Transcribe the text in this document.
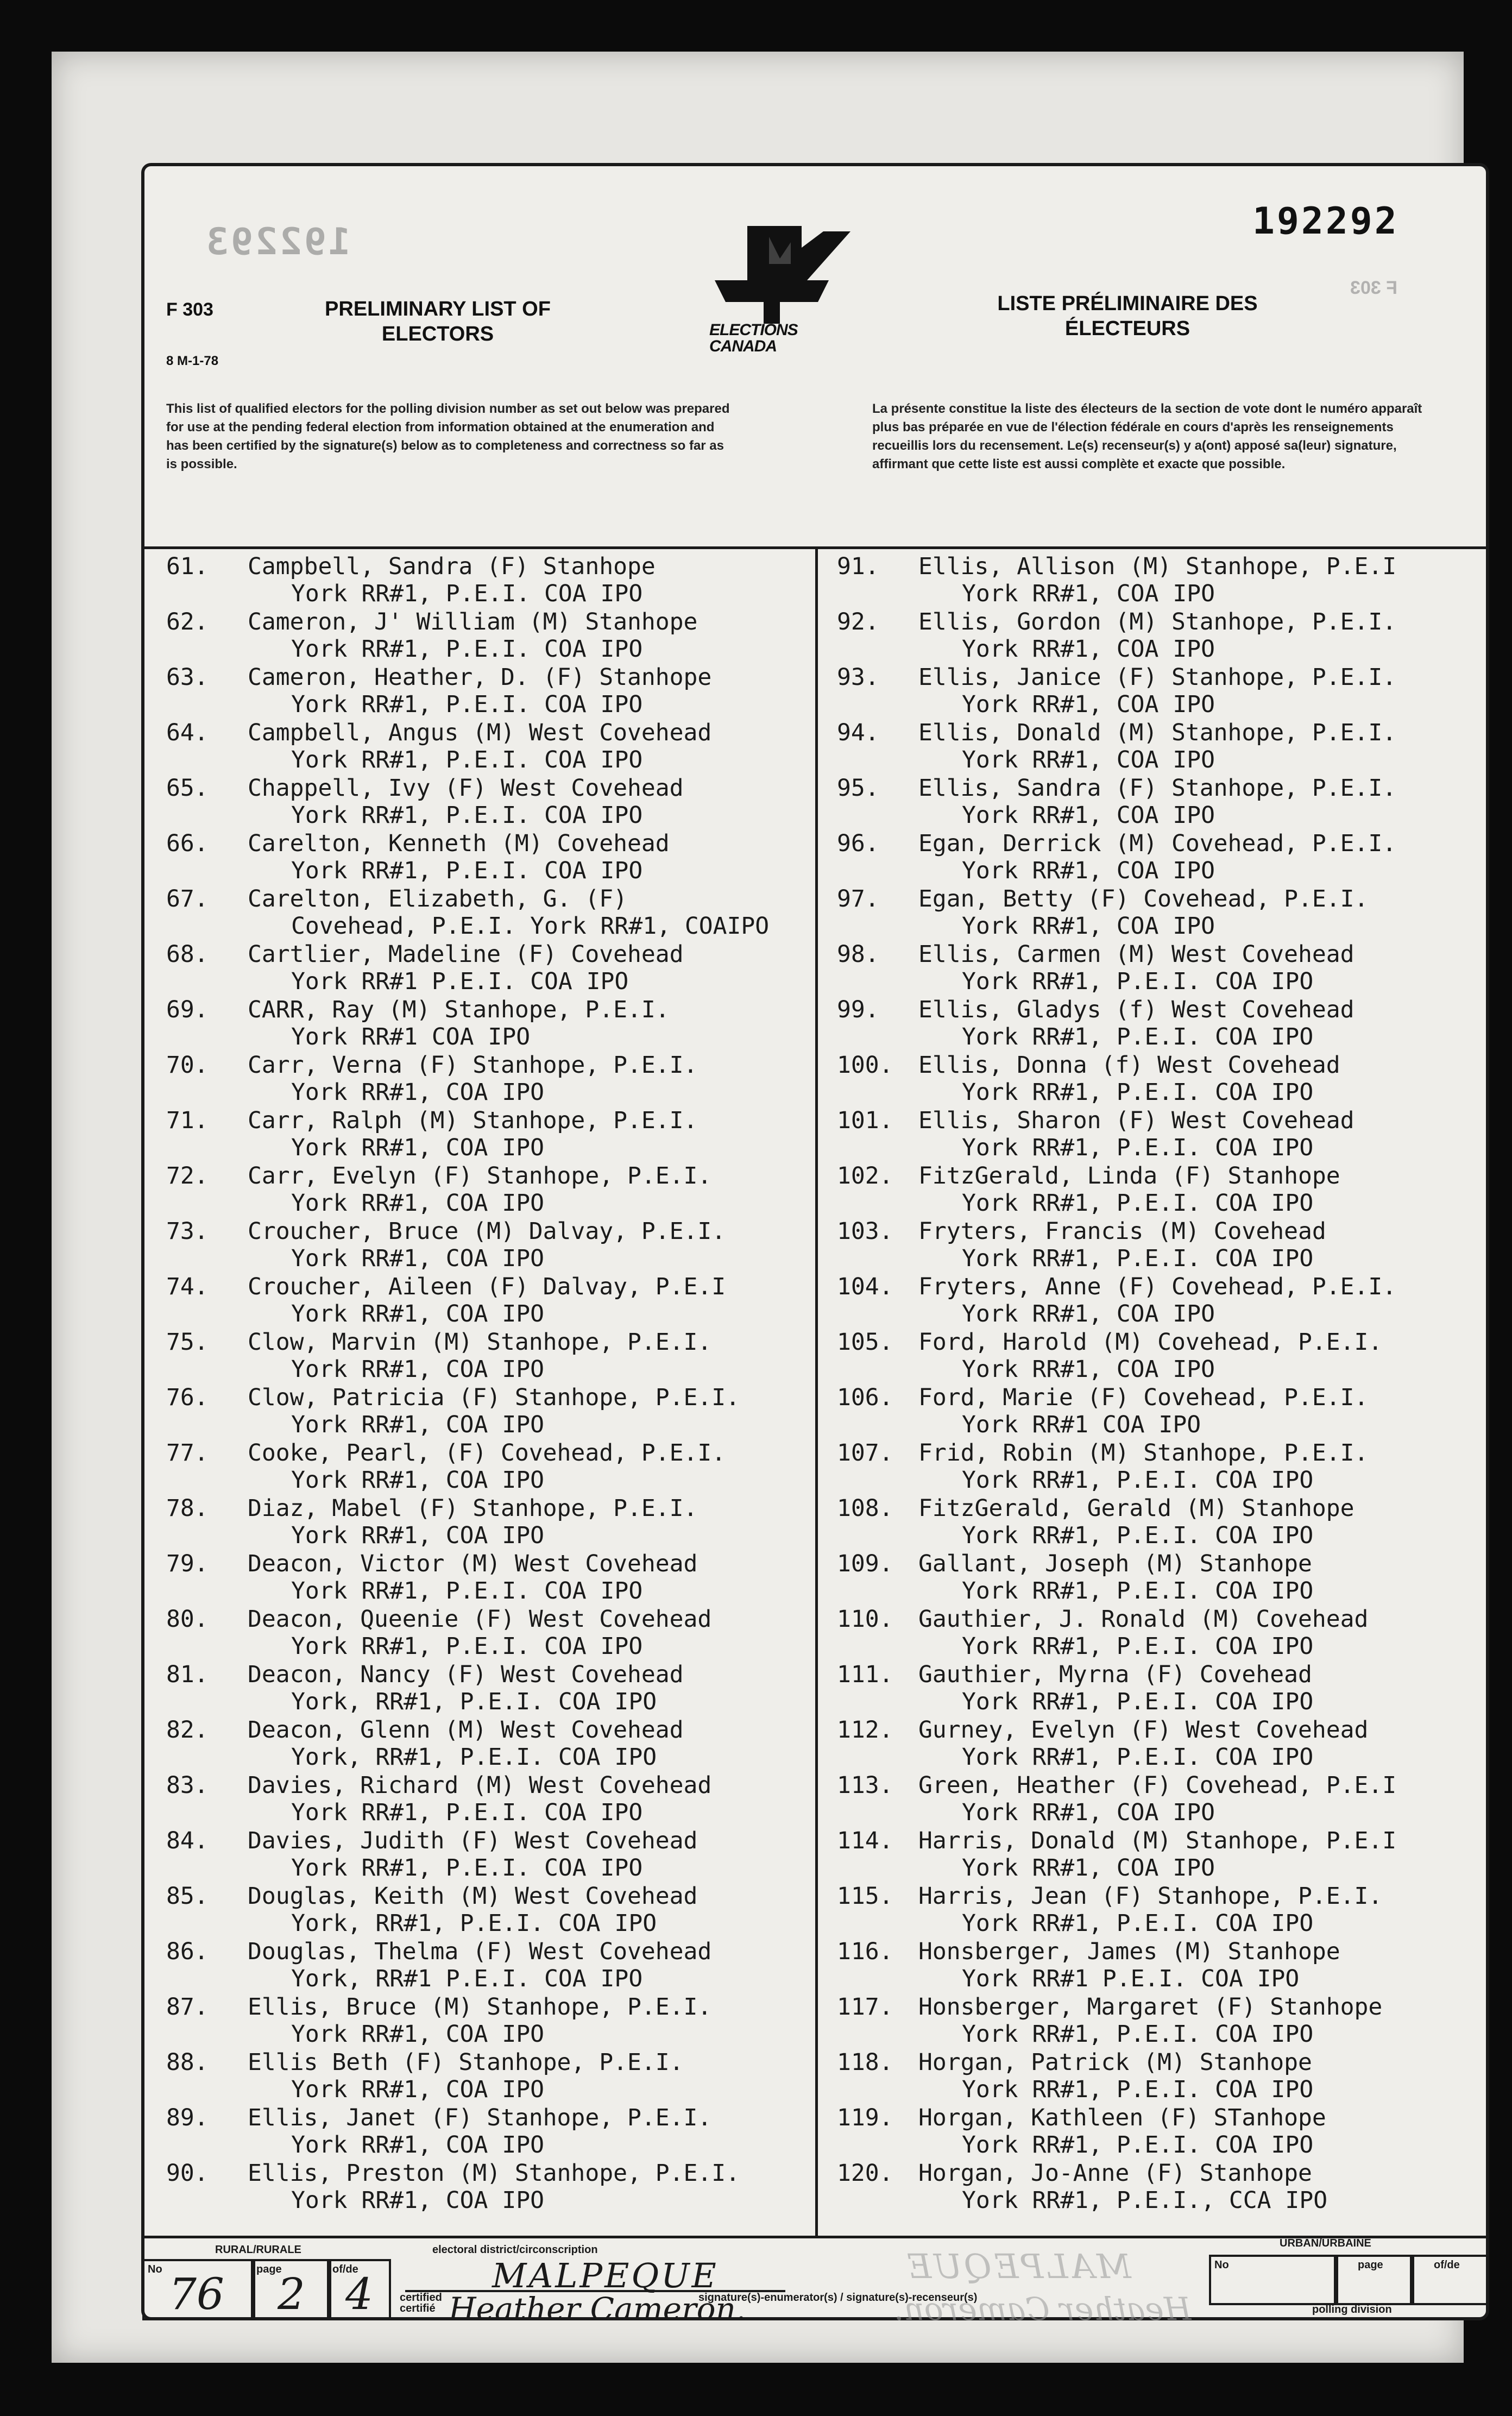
192293	192292
F 303
8 M-1-78
F 303
PRELIMINARY LIST OF
ELECTORS	ELECTIONS
CANADA
LISTE PRÉLIMINAIRE DES
ÉLECTEURS
This list of qualified electors for the polling division number as set out below was prepared for use at the pending federal election from information obtained at the enumeration and has been certified by the signature(s) below as to completeness and correctness so far as is possible.
La présente constitue la liste des électeurs de la section de vote dont le numéro apparaît plus bas préparée en vue de l'élection fédérale en cours d'après les renseignements recueillis lors du recensement. Le(s) recenseur(s) y a(ont) apposé sa(leur) signature, affirmant que cette liste est aussi complète et exacte que possible.
61. Campbell, Sandra (F) Stanhope
York RR#1, P.E.I. COA IPO
62. Cameron, J' William (M) Stanhope
York RR#1, P.E.I. COA IPO
63. Cameron, Heather, D. (F) Stanhope
York RR#1, P.E.I. COA IPO
64. Campbell, Angus (M) West Covehead
York RR#1, P.E.I. COA IPO
65. Chappell, Ivy (F) West Covehead
York RR#1, P.E.I. COA IPO
66. Carelton, Kenneth (M) Covehead
York RR#1, P.E.I. COA IPO
67. Carelton, Elizabeth, G. (F)
Covehead, P.E.I. York RR#1, COAIPO
68. Cartlier, Madeline (F) Covehead
York RR#1 P.E.I. COA IPO
69. CARR, Ray (M) Stanhope, P.E.I.
York RR#1 COA IPO
70. Carr, Verna (F) Stanhope, P.E.I.
York RR#1, COA IPO
71. Carr, Ralph (M) Stanhope, P.E.I.
York RR#1, COA IPO
72. Carr, Evelyn (F) Stanhope, P.E.I.
York RR#1, COA IPO
73. Croucher, Bruce (M) Dalvay, P.E.I.
York RR#1, COA IPO
74. Croucher, Aileen (F) Dalvay, P.E.I
York RR#1, COA IPO
75. Clow, Marvin (M) Stanhope, P.E.I.
York RR#1, COA IPO
76. Clow, Patricia (F) Stanhope, P.E.I.
York RR#1, COA IPO
77. Cooke, Pearl, (F) Covehead, P.E.I.
York RR#1, COA IPO
78. Diaz, Mabel (F) Stanhope, P.E.I.
York RR#1, COA IPO
79. Deacon, Victor (M) West Covehead
York RR#1, P.E.I. COA IPO
80. Deacon, Queenie (F) West Covehead
York RR#1, P.E.I. COA IPO
81. Deacon, Nancy (F) West Covehead
York, RR#1, P.E.I. COA IPO
82. Deacon, Glenn (M) West Covehead
York, RR#1, P.E.I. COA IPO
83. Davies, Richard (M) West Covehead
York RR#1, P.E.I. COA IPO
84. Davies, Judith (F) West Covehead
York RR#1, P.E.I. COA IPO
85. Douglas, Keith (M) West Covehead
York, RR#1, P.E.I. COA IPO
86. Douglas, Thelma (F) West Covehead
York, RR#1 P.E.I. COA IPO
87. Ellis, Bruce (M) Stanhope, P.E.I.
York RR#1, COA IPO
88. Ellis Beth (F) Stanhope, P.E.I.
York RR#1, COA IPO
89. Ellis, Janet (F) Stanhope, P.E.I.
York RR#1, COA IPO
90. Ellis, Preston (M) Stanhope, P.E.I.
York RR#1, COA IPO
91. Ellis, Allison (M) Stanhope, P.E.I
York RR#1, COA IPO
92. Ellis, Gordon (M) Stanhope, P.E.I.
York RR#1, COA IPO
93. Ellis, Janice (F) Stanhope, P.E.I.
York RR#1, COA IPO
94. Ellis, Donald (M) Stanhope, P.E.I.
York RR#1, COA IPO
95. Ellis, Sandra (F) Stanhope, P.E.I.
York RR#1, COA IPO
96. Egan, Derrick (M) Covehead, P.E.I.
York RR#1, COA IPO
97. Egan, Betty (F) Covehead, P.E.I.
York RR#1, COA IPO
98. Ellis, Carmen (M) West Covehead
York RR#1, P.E.I. COA IPO
99. Ellis, Gladys (f) West Covehead
York RR#1, P.E.I. COA IPO
100. Ellis, Donna (f) West Covehead
York RR#1, P.E.I. COA IPO
101. Ellis, Sharon (F) West Covehead
York RR#1, P.E.I. COA IPO
102. FitzGerald, Linda (F) Stanhope
York RR#1, P.E.I. COA IPO
103. Fryters, Francis (M) Covehead
York RR#1, P.E.I. COA IPO
104. Fryters, Anne (F) Covehead, P.E.I.
York RR#1, COA IPO
105. Ford, Harold (M) Covehead, P.E.I.
York RR#1, COA IPO
106. Ford, Marie (F) Covehead, P.E.I.
York RR#1 COA IPO
107. Frid, Robin (M) Stanhope, P.E.I.
York RR#1, P.E.I. COA IPO
108. FitzGerald, Gerald (M) Stanhope
York RR#1, P.E.I. COA IPO
109. Gallant, Joseph (M) Stanhope
York RR#1, P.E.I. COA IPO
110. Gauthier, J. Ronald (M) Covehead
York RR#1, P.E.I. COA IPO
111. Gauthier, Myrna (F) Covehead
York RR#1, P.E.I. COA IPO
112. Gurney, Evelyn (F) West Covehead
York RR#1, P.E.I. COA IPO
113. Green, Heather (F) Covehead, P.E.I
York RR#1, COA IPO
114. Harris, Donald (M) Stanhope, P.E.I
York RR#1, COA IPO
115. Harris, Jean (F) Stanhope, P.E.I.
York RR#1, P.E.I. COA IPO
116. Honsberger, James (M) Stanhope
York RR#1 P.E.I. COA IPO
117. Honsberger, Margaret (F) Stanhope
York RR#1, P.E.I. COA IPO
118. Horgan, Patrick (M) Stanhope
York RR#1, P.E.I. COA IPO
119. Horgan, Kathleen (F) STanhope
York RR#1, P.E.I. COA IPO
120. Horgan, Jo-Anne (F) Stanhope
York RR#1, P.E.I., CCA IPO
RURAL/RURALE	electoral district/circonscription
URBAN/URBAINE
No 76	page
2	of/de
4	MALPEQUE	MALPEQUE
certified
certifié
signature(s)-enumerator(s) / signature(s)-recenseur(s)
Heather Cameron.	Heather Cameron.
No	page	of/de
polling division
